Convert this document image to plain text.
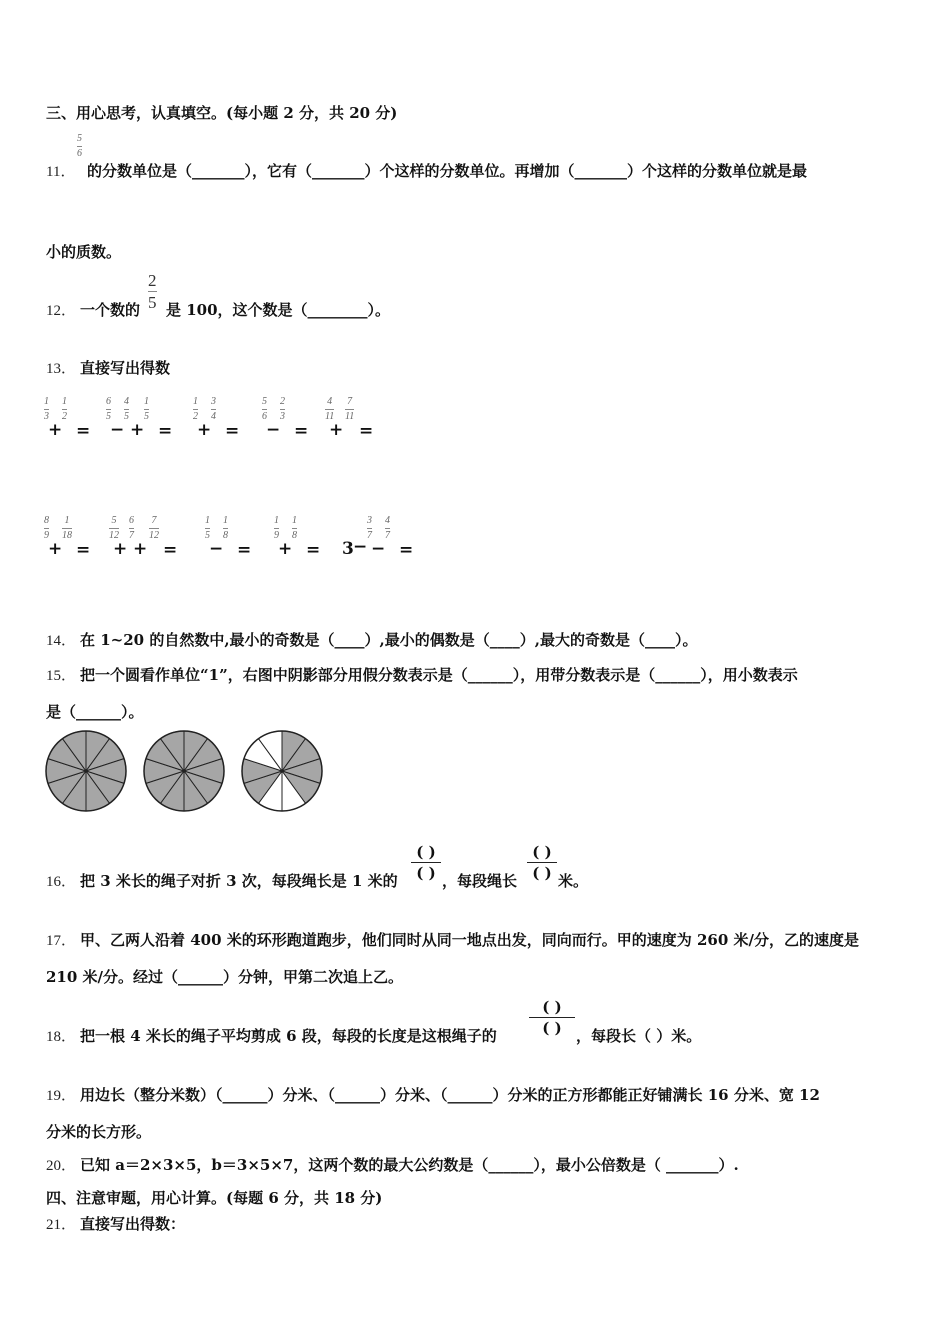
三、用心思考，认真填空。(每小题 2 分，共 20 分)
11．
5
6
的分数单位是（_______），它有（_______）个这样的分数单位。再增加（_______）个这样的分数单位就是最
小的质数。
12． 一个数的
2
5 是 100，这个数是（________）。
13． 直接写出得数
1
3
1
2
+ =
6
5
4
5
−
1
5
+ =
1
2
3
4
+ =
5
6
2
3
− =
4
11
7
11
+ =
8
9
1
18
+ =
5
12
6
7
+
7
12
+ =
1
5
1
8
− =
1
9
1
8
+ = 3 −
3
7
4
7
− =
14． 在 1~20 的自然数中,最小的奇数是（____）,最小的偶数是（____）,最大的奇数是（____）。
15． 把一个圆看作单位“1”，右图中阴影部分用假分数表示是（______），用带分数表示是（______），用小数表示
是（______）。
16． 把 3 米长的绳子对折 3 次，每段绳长是 1 米的
( )
( ) ，每段绳长
( )
( ) 米。
17． 甲、乙两人沿着 400 米的环形跑道跑步，他们同时从同一地点出发，同向而行。甲的速度为 260 米/分，乙的速度是
210 米/分。经过（______）分钟，甲第二次追上乙。
18． 把一根 4 米长的绳子平均剪成 6 段，每段的长度是这根绳子的
( )
( ) ，每段长（ ）米。
19． 用边长（整分米数）（______）分米、（______）分米、（______）分米的正方形都能正好铺满长 16 分米、宽 12
分米的长方形。
20． 已知 a＝2×3×5，b＝3×5×7，这两个数的最大公约数是（______），最小公倍数是（ _______）.
四、注意审题，用心计算。(每题 6 分，共 18 分)
21． 直接写出得数：
